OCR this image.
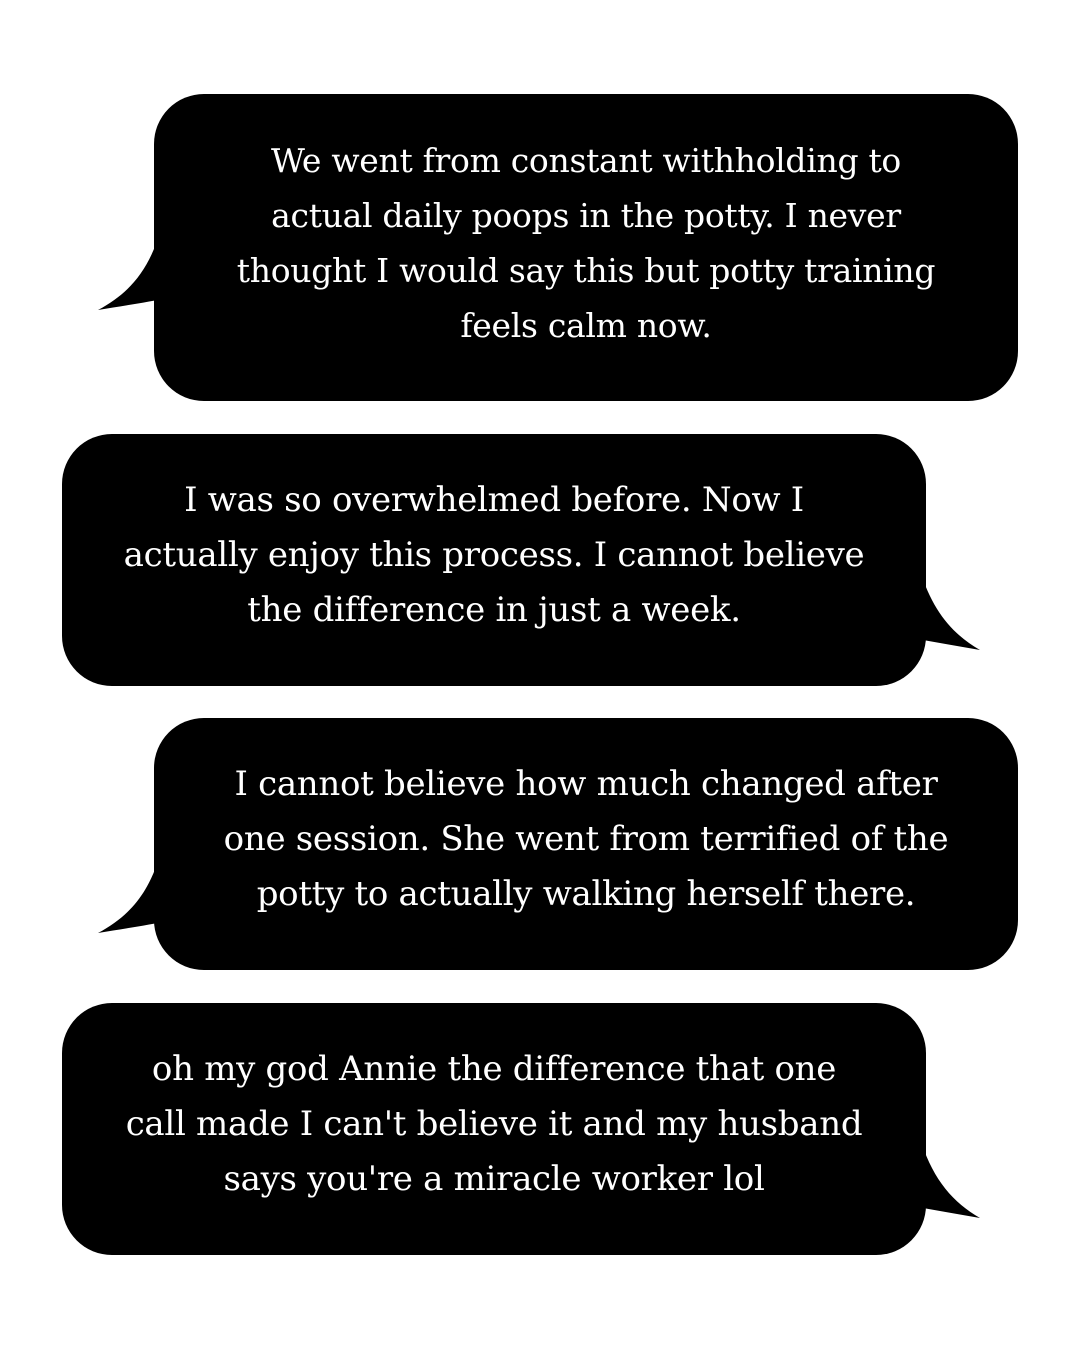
We went from constant withholding to
actual daily poops in the potty. I never
thought I would say this but potty training
feels calm now.

I was so overwhelmed before. Now I
actually enjoy this process. I cannot believe
the difference in just a week.

I cannot believe how much changed after
one session. She went from terrified of the
potty to actually walking herself there.

oh my god Annie the difference that one
call made I can't believe it and my husband
says you're a miracle worker lol
